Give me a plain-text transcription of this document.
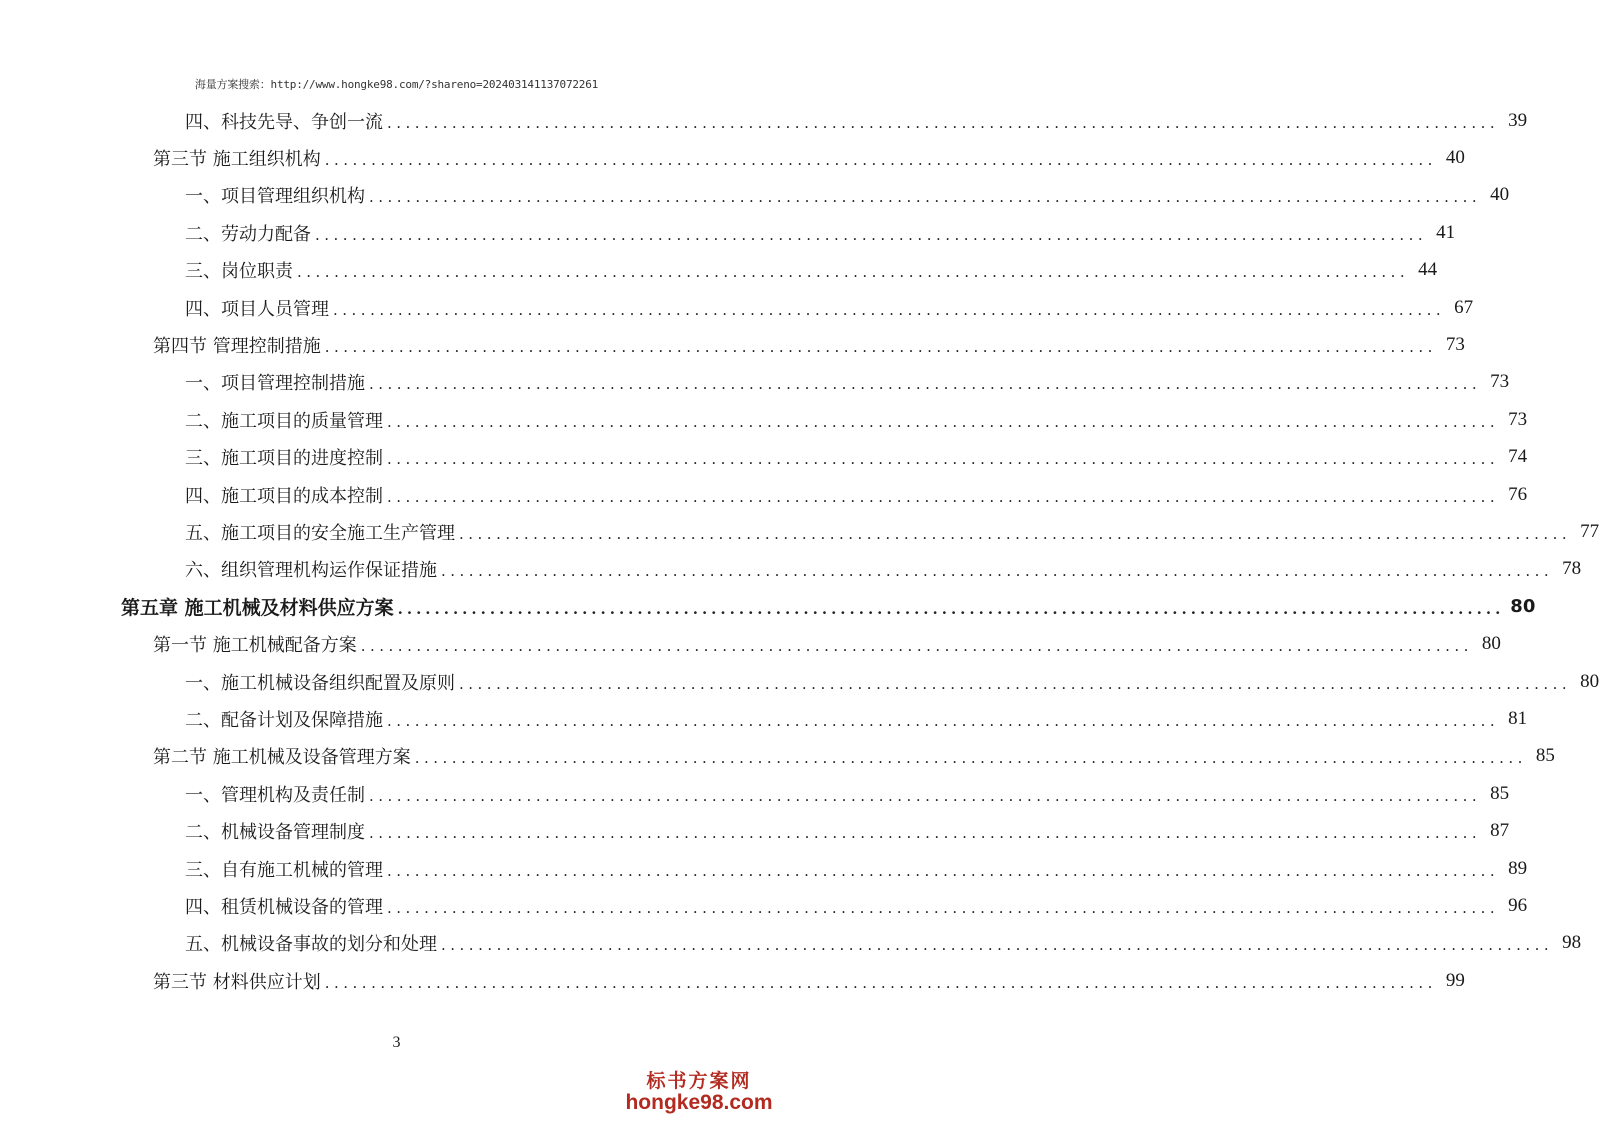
海量方案搜索：http://www.hongke98.com/?shareno=202403141137072261
四、科技先导、争创一流 ........................................................................................................................ 39
第三节 施工组织机构 ........................................................................................................................ 40
一、项目管理组织机构 ........................................................................................................................ 40
二、劳动力配备 ........................................................................................................................ 41
三、岗位职责 ........................................................................................................................ 44
四、项目人员管理 ........................................................................................................................ 67
第四节 管理控制措施 ........................................................................................................................ 73
一、项目管理控制措施 ........................................................................................................................ 73
二、施工项目的质量管理 ........................................................................................................................ 73
三、施工项目的进度控制 ........................................................................................................................ 74
四、施工项目的成本控制 ........................................................................................................................ 76
五、施工项目的安全施工生产管理 ........................................................................................................................ 77
六、组织管理机构运作保证措施 ........................................................................................................................ 78
第五章 施工机械及材料供应方案 ........................................................................................................................ 80
第一节 施工机械配备方案 ........................................................................................................................ 80
一、施工机械设备组织配置及原则 ........................................................................................................................ 80
二、配备计划及保障措施 ........................................................................................................................ 81
第二节 施工机械及设备管理方案 ........................................................................................................................ 85
一、管理机构及责任制 ........................................................................................................................ 85
二、机械设备管理制度 ........................................................................................................................ 87
三、自有施工机械的管理 ........................................................................................................................ 89
四、租赁机械设备的管理 ........................................................................................................................ 96
五、机械设备事故的划分和处理 ........................................................................................................................ 98
第三节 材料供应计划 ........................................................................................................................ 99
3
标书方案网
hongke98.com
